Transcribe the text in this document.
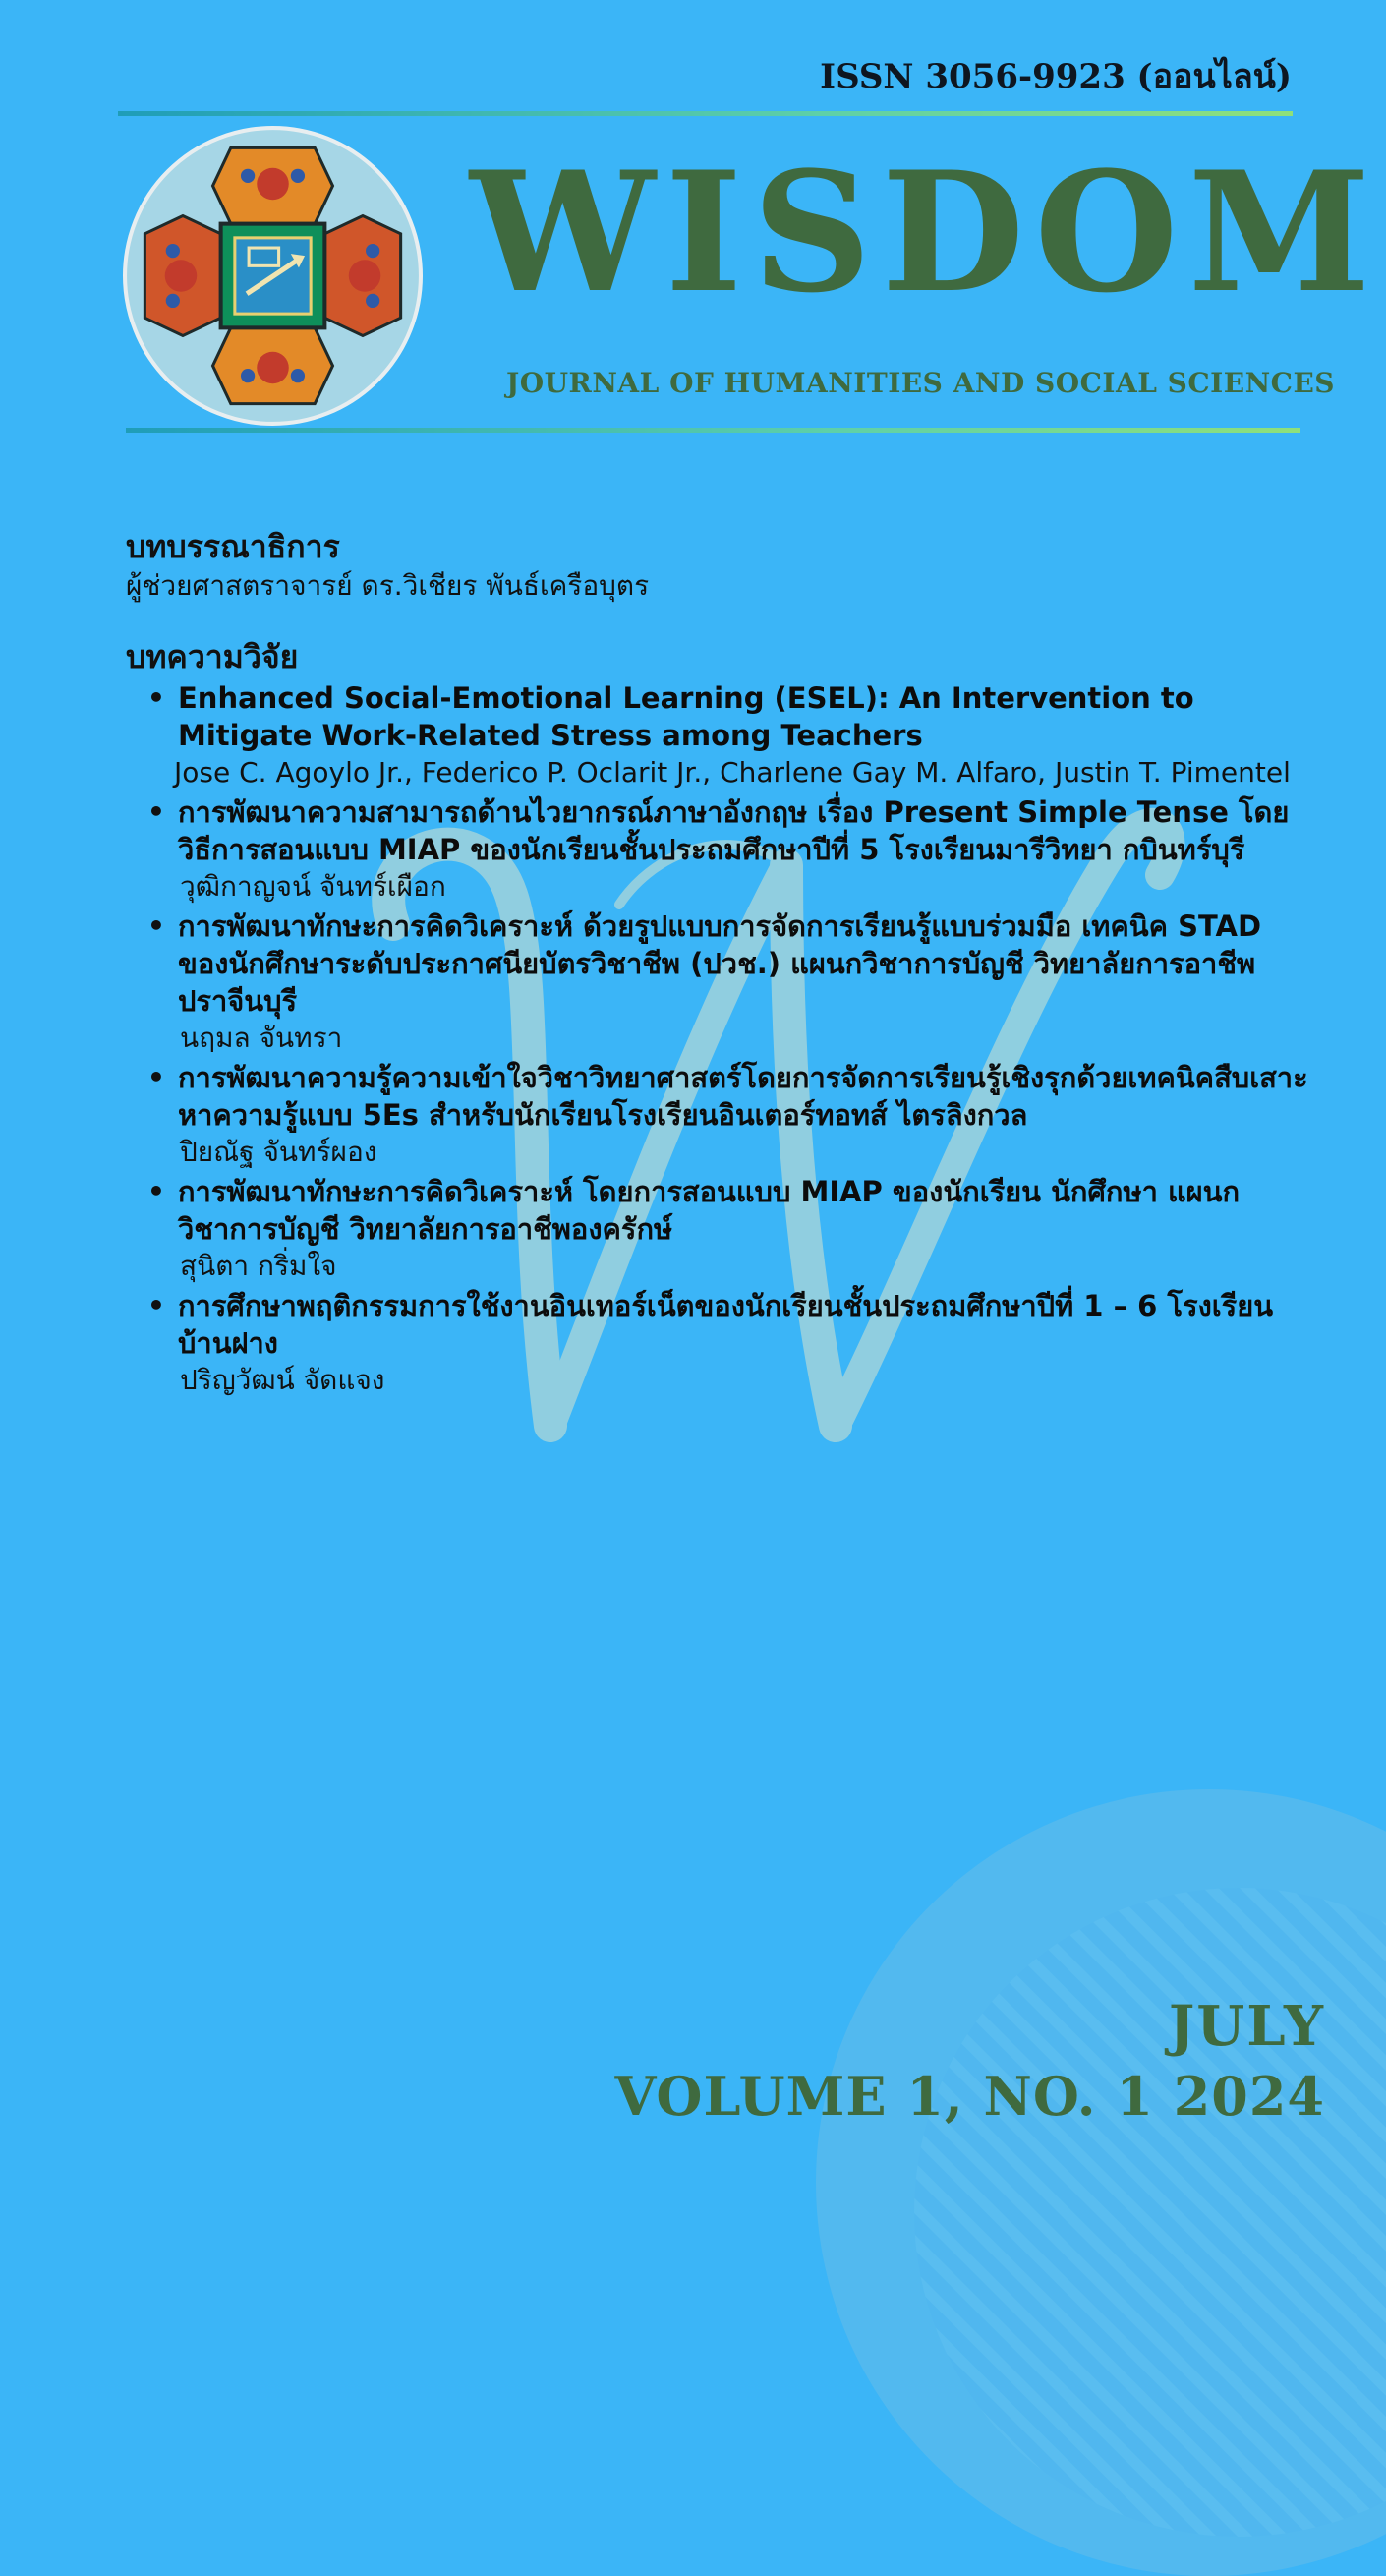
ISSN 3056-9923 (ออนไลน์)
WISDOM
JOURNAL OF HUMANITIES AND SOCIAL SCIENCES
บทบรรณาธิการ
ผู้ช่วยศาสตราจารย์ ดร.วิเชียร พันธ์เครือบุตร
บทความวิจัย
• Enhanced Social-Emotional Learning (ESEL): An Intervention to Mitigate Work-Related Stress among Teachers
Jose C. Agoylo Jr., Federico P. Oclarit Jr., Charlene Gay M. Alfaro, Justin T. Pimentel
• การพัฒนาความสามารถด้านไวยากรณ์ภาษาอังกฤษ เรื่อง Present Simple Tense โดยวิธีการสอนแบบ MIAP ของนักเรียนชั้นประถมศึกษาปีที่ 5 โรงเรียนมารีวิทยา กบินทร์บุรี
วุฒิกาญจน์ จันทร์เผือก
• การพัฒนาทักษะการคิดวิเคราะห์ ด้วยรูปแบบการจัดการเรียนรู้แบบร่วมมือ เทคนิค STAD ของนักศึกษาระดับประกาศนียบัตรวิชาชีพ (ปวช.) แผนกวิชาการบัญชี วิทยาลัยการอาชีพปราจีนบุรี
นฤมล จันทรา
• การพัฒนาความรู้ความเข้าใจวิชาวิทยาศาสตร์โดยการจัดการเรียนรู้เชิงรุกด้วยเทคนิคสืบเสาะหาความรู้แบบ 5Es สำหรับนักเรียนโรงเรียนอินเตอร์ทอทส์ ไตรลิงกวล
ปิยณัฐ จันทร์ผอง
• การพัฒนาทักษะการคิดวิเคราะห์ โดยการสอนแบบ MIAP ของนักเรียน นักศึกษา แผนกวิชาการบัญชี วิทยาลัยการอาชีพองครักษ์
สุนิตา กริ่มใจ
• การศึกษาพฤติกรรมการใช้งานอินเทอร์เน็ตของนักเรียนชั้นประถมศึกษาปีที่ 1 – 6 โรงเรียนบ้านฝาง
ปริญวัฒน์ จัดแจง
JULY
VOLUME 1, NO. 1 2024
